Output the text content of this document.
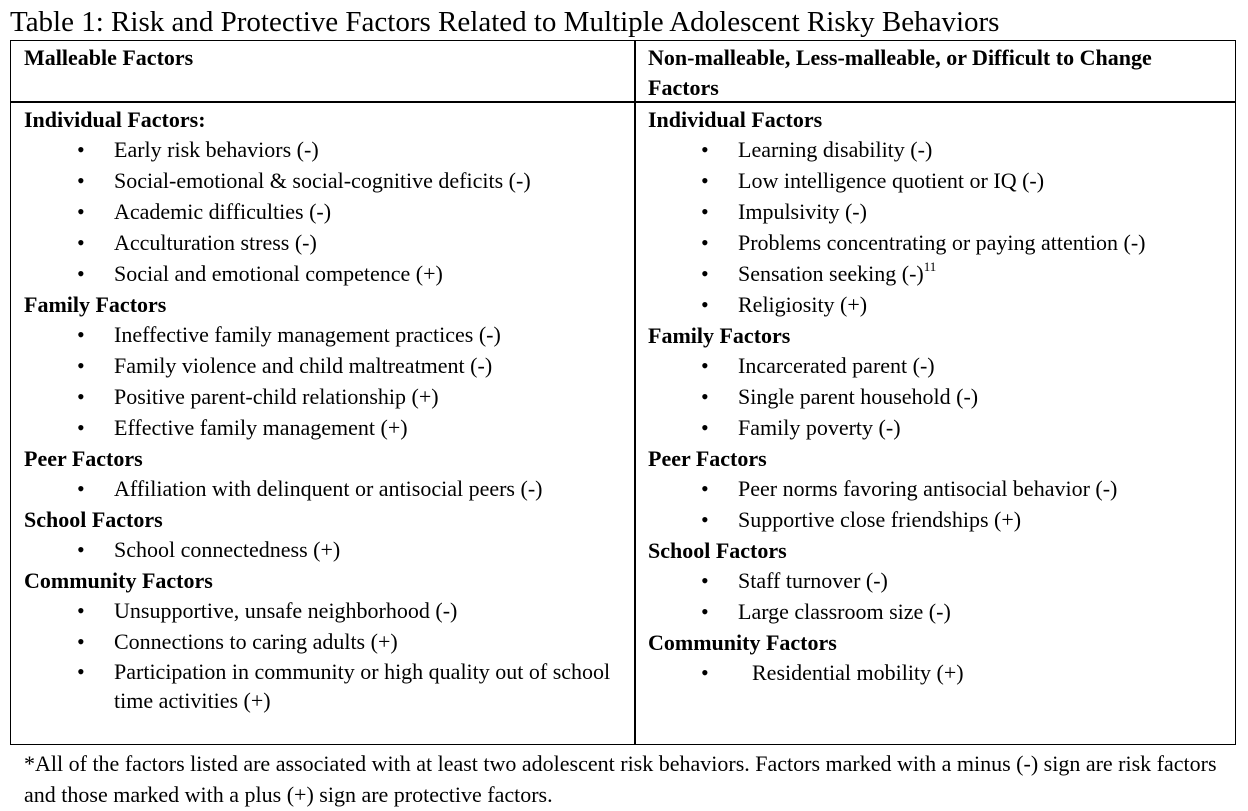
Table 1: Risk and Protective Factors Related to Multiple Adolescent Risky Behaviors
Malleable Factors	Non-malleable, Less-malleable, or Difficult to Change Factors
Individual Factors:
• Early risk behaviors (-)
• Social-emotional & social-cognitive deficits (-)
• Academic difficulties (-)
• Acculturation stress (-)
• Social and emotional competence (+)
Family Factors
• Ineffective family management practices (-)
• Family violence and child maltreatment (-)
• Positive parent-child relationship (+)
• Effective family management (+)
Peer Factors
• Affiliation with delinquent or antisocial peers (-)
School Factors
• School connectedness (+)
Community Factors
• Unsupportive, unsafe neighborhood (-)
• Connections to caring adults (+)
• Participation in community or high quality out of school time activities (+)
Individual Factors
• Learning disability (-)
• Low intelligence quotient or IQ (-)
• Impulsivity (-)
• Problems concentrating or paying attention (-)
• Sensation seeking $(-)^{11}$
• Religiosity (+)
Family Factors
• Incarcerated parent (-)
• Single parent household (-)
• Family poverty (-)
Peer Factors
• Peer norms favoring antisocial behavior (-)
• Supportive close friendships (+)
School Factors
• Staff turnover (-)
• Large classroom size (-)
Community Factors
• Residential mobility (+)
*All of the factors listed are associated with at least two adolescent risk behaviors. Factors marked with a minus (-) sign are risk factors and those marked with a plus (+) sign are protective factors.
